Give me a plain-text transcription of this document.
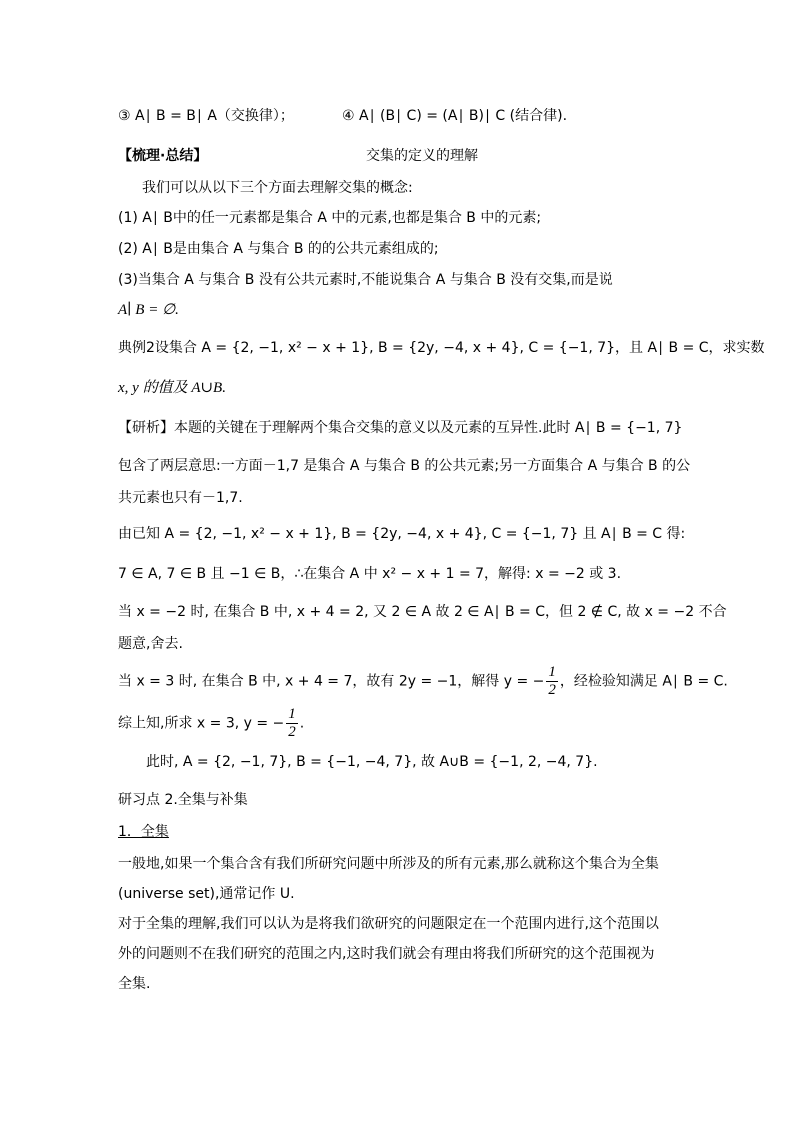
③ A∣ B = B∣ A（交换律）；	④ A∣ (B∣ C) = (A∣ B)∣ C (结合律).
【梳理·总结】	交集的定义的理解
我们可以从以下三个方面去理解交集的概念:
(1) A∣ B中的任一元素都是集合 A 中的元素,也都是集合 B 中的元素;
(2) A∣ B是由集合 A 与集合 B 的的公共元素组成的;
(3)当集合 A 与集合 B 没有公共元素时,不能说集合 A 与集合 B 没有交集,而是说
A∣ B = ∅.
典例2设集合 A = {2, −1, x² − x + 1}, B = {2y, −4, x + 4}, C = {−1, 7}，且 A∣ B = C，求实数
x, y 的值及 A∪B.
【研析】本题的关键在于理解两个集合交集的意义以及元素的互异性.此时 A∣ B = {−1, 7}
包含了两层意思:一方面－1,7 是集合 A 与集合 B 的公共元素;另一方面集合 A 与集合 B 的公
共元素也只有－1,7.
由已知 A = {2, −1, x² − x + 1}, B = {2y, −4, x + 4}, C = {−1, 7} 且 A∣ B = C 得:
7 ∈ A, 7 ∈ B 且 −1 ∈ B，∴在集合 A 中 x² − x + 1 = 7，解得: x = −2 或 3.
当 x = −2 时, 在集合 B 中, x + 4 = 2, 又 2 ∈ A 故 2 ∈ A∣ B = C，但 2 ∉ C, 故 x = −2 不合
题意,舍去.
当 x = 3 时, 在集合 B 中, x + 4 = 7，故有 2y = −1，解得 y = − $\frac{1}{2}$ ，经检验知满足 A∣ B = C.
综上知,所求 x = 3, y = − $\frac{1}{2}$ .
此时, A = {2, −1, 7}, B = {−1, −4, 7}, 故 A∪B = {−1, 2, −4, 7}.
研习点 2.全集与补集
1．全集
一般地,如果一个集合含有我们所研究问题中所涉及的所有元素,那么就称这个集合为全集
(universe set),通常记作 U.
对于全集的理解,我们可以认为是将我们欲研究的问题限定在一个范围内进行,这个范围以
外的问题则不在我们研究的范围之内,这时我们就会有理由将我们所研究的这个范围视为
全集.
